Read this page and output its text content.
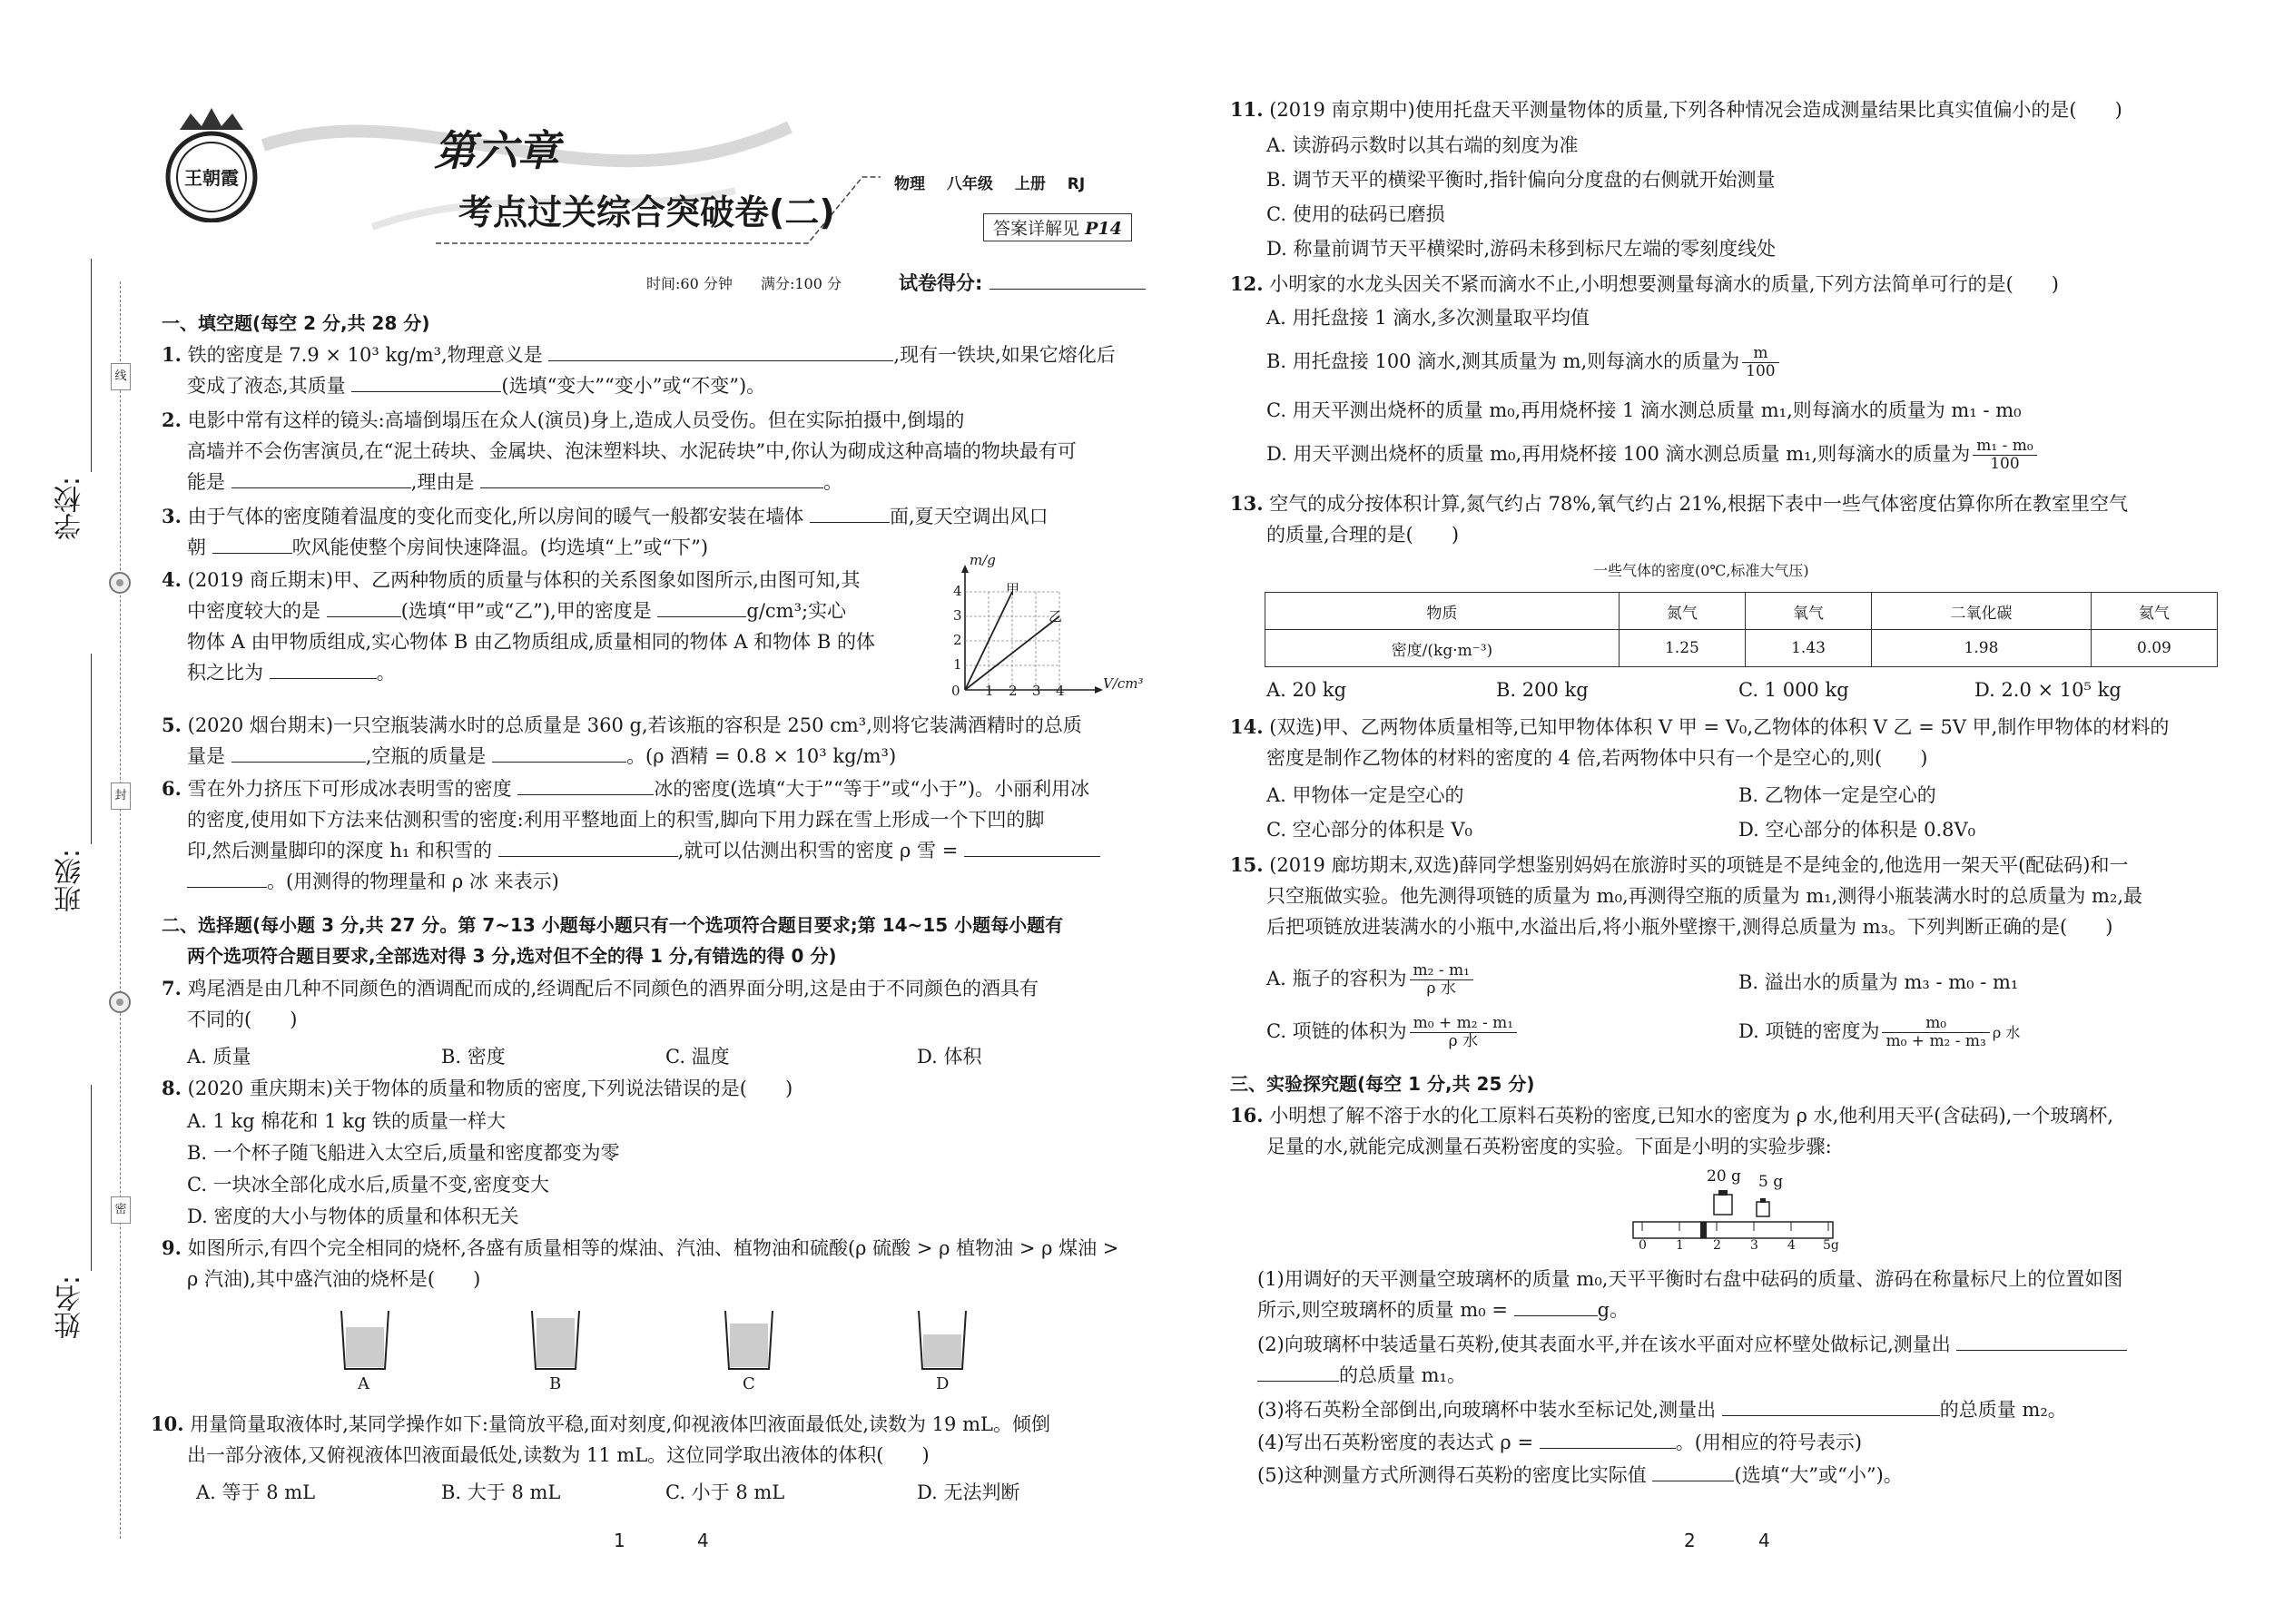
学校:
班级:
姓名:
线
封
密
王朝霞
第六章
考点过关综合突破卷(二)
物理 八年级 上册 RJ
答案详解见 P14
时间:60 分钟 满分:100 分	试卷得分:
一、填空题(每空 2 分,共 28 分)
1. 铁的密度是 7.9 × 10³ kg/m³,物理意义是	,现有一铁块,如果它熔化后
变成了液态,其质量	(选填“变大”“变小”或“不变”)。
2. 电影中常有这样的镜头:高墙倒塌压在众人(演员)身上,造成人员受伤。但在实际拍摄中,倒塌的
高墙并不会伤害演员,在“泥土砖块、金属块、泡沫塑料块、水泥砖块”中,你认为砌成这种高墙的物块最有可
能是	,理由是	。
3. 由于气体的密度随着温度的变化而变化,所以房间的暖气一般都安装在墙体	面,夏天空调出风口
朝	吹风能使整个房间快速降温。(均选填“上”或“下”)
4. (2019 商丘期末)甲、乙两种物质的质量与体积的关系图象如图所示,由图可知,其
中密度较大的是	(选填“甲”或“乙”),甲的密度是	g/cm³;实心
物体 A 由甲物质组成,实心物体 B 由乙物质组成,质量相同的物体 A 和物体 B 的体
积之比为	。
m/g
V/cm³
0
1
2
3
4
1 2 3 4
甲
乙
5. (2020 烟台期末)一只空瓶装满水时的总质量是 360 g,若该瓶的容积是 250 cm³,则将它装满酒精时的总质
量是	,空瓶的质量是	。(ρ 酒精 = 0.8 × 10³ kg/m³)
6. 雪在外力挤压下可形成冰表明雪的密度	冰的密度(选填“大于”“等于”或“小于”)。小丽利用冰
的密度,使用如下方法来估测积雪的密度:利用平整地面上的积雪,脚向下用力踩在雪上形成一个下凹的脚
印,然后测量脚印的深度 h₁ 和积雪的	,就可以估测出积雪的密度 ρ 雪 =
。(用测得的物理量和 ρ 冰 来表示)
二、选择题(每小题 3 分,共 27 分。第 7~13 小题每小题只有一个选项符合题目要求;第 14~15 小题每小题有
两个选项符合题目要求,全部选对得 3 分,选对但不全的得 1 分,有错选的得 0 分)
7. 鸡尾酒是由几种不同颜色的酒调配而成的,经调配后不同颜色的酒界面分明,这是由于不同颜色的酒具有
不同的(　　)
A. 质量	B. 密度	C. 温度	D. 体积
8. (2020 重庆期末)关于物体的质量和物质的密度,下列说法错误的是(　　)
A. 1 kg 棉花和 1 kg 铁的质量一样大
B. 一个杯子随飞船进入太空后,质量和密度都变为零
C. 一块冰全部化成水后,质量不变,密度变大
D. 密度的大小与物体的质量和体积无关
9. 如图所示,有四个完全相同的烧杯,各盛有质量相等的煤油、汽油、植物油和硫酸(ρ 硫酸 > ρ 植物油 > ρ 煤油 >
ρ 汽油),其中盛汽油的烧杯是(　　)
A	B	C	D
10. 用量筒量取液体时,某同学操作如下:量筒放平稳,面对刻度,仰视液体凹液面最低处,读数为 19 mL。倾倒
出一部分液体,又俯视液体凹液面最低处,读数为 11 mL。这位同学取出液体的体积(　　)
A. 等于 8 mL	B. 大于 8 mL	C. 小于 8 mL	D. 无法判断
1	4
11. (2019 南京期中)使用托盘天平测量物体的质量,下列各种情况会造成测量结果比真实值偏小的是(　　)
A. 读游码示数时以其右端的刻度为准
B. 调节天平的横梁平衡时,指针偏向分度盘的右侧就开始测量
C. 使用的砝码已磨损
D. 称量前调节天平横梁时,游码未移到标尺左端的零刻度线处
12. 小明家的水龙头因关不紧而滴水不止,小明想要测量每滴水的质量,下列方法简单可行的是(　　)
A. 用托盘接 1 滴水,多次测量取平均值
B. 用托盘接 100 滴水,测其质量为 m,则每滴水的质量为 $\frac{m}{100}$
C. 用天平测出烧杯的质量 m₀,再用烧杯接 1 滴水测总质量 m₁,则每滴水的质量为 m₁ - m₀
D. 用天平测出烧杯的质量 m₀,再用烧杯接 100 滴水测总质量 m₁,则每滴水的质量为 $\frac{\text{m₁ - m₀}}{100}$
13. 空气的成分按体积计算,氮气约占 78%,氧气约占 21%,根据下表中一些气体密度估算你所在教室里空气
的质量,合理的是(　　)
一些气体的密度(0℃,标准大气压)
物质	氮气	氧气	二氧化碳	氦气
密度/(kg·m⁻³)	1.25	1.43	1.98	0.09
A. 20 kg	B. 200 kg	C. 1 000 kg	D. 2.0 × 10⁵ kg
14. (双选)甲、乙两物体质量相等,已知甲物体体积 V 甲 = V₀,乙物体的体积 V 乙 = 5V 甲,制作甲物体的材料的
密度是制作乙物体的材料的密度的 4 倍,若两物体中只有一个是空心的,则(　　)
A. 甲物体一定是空心的	B. 乙物体一定是空心的
C. 空心部分的体积是 V₀	D. 空心部分的体积是 0.8V₀
15. (2019 廊坊期末,双选)薛同学想鉴别妈妈在旅游时买的项链是不是纯金的,他选用一架天平(配砝码)和一
只空瓶做实验。他先测得项链的质量为 m₀,再测得空瓶的质量为 m₁,测得小瓶装满水时的总质量为 m₂,最
后把项链放进装满水的小瓶中,水溢出后,将小瓶外壁擦干,测得总质量为 m₃。下列判断正确的是(　　)
A. 瓶子的容积为 $\frac{\text{m₂ - m₁}}{\text{ρ 水}}$	B. 溢出水的质量为 m₃ - m₀ - m₁
C. 项链的体积为 $\frac{\text{m₀ + m₂ - m₁}}{\text{ρ 水}}$	D. 项链的密度为 $\frac{\text{m₀}}{\text{m₀ + m₂ - m₃}}$ ρ 水
三、实验探究题(每空 1 分,共 25 分)
16. 小明想了解不溶于水的化工原料石英粉的密度,已知水的密度为 ρ 水,他利用天平(含砝码),一个玻璃杯,
足量的水,就能完成测量石英粉密度的实验。下面是小明的实验步骤:
20 g 5 g
0 1 2 3 4 5g
(1)用调好的天平测量空玻璃杯的质量 m₀,天平平衡时右盘中砝码的质量、游码在称量标尺上的位置如图
所示,则空玻璃杯的质量 m₀ =	g。
(2)向玻璃杯中装适量石英粉,使其表面水平,并在该水平面对应杯壁处做标记,测量出
的总质量 m₁。
(3)将石英粉全部倒出,向玻璃杯中装水至标记处,测量出	的总质量 m₂。
(4)写出石英粉密度的表达式 ρ =	。(用相应的符号表示)
(5)这种测量方式所测得石英粉的密度比实际值	(选填“大”或“小”)。
2	4
